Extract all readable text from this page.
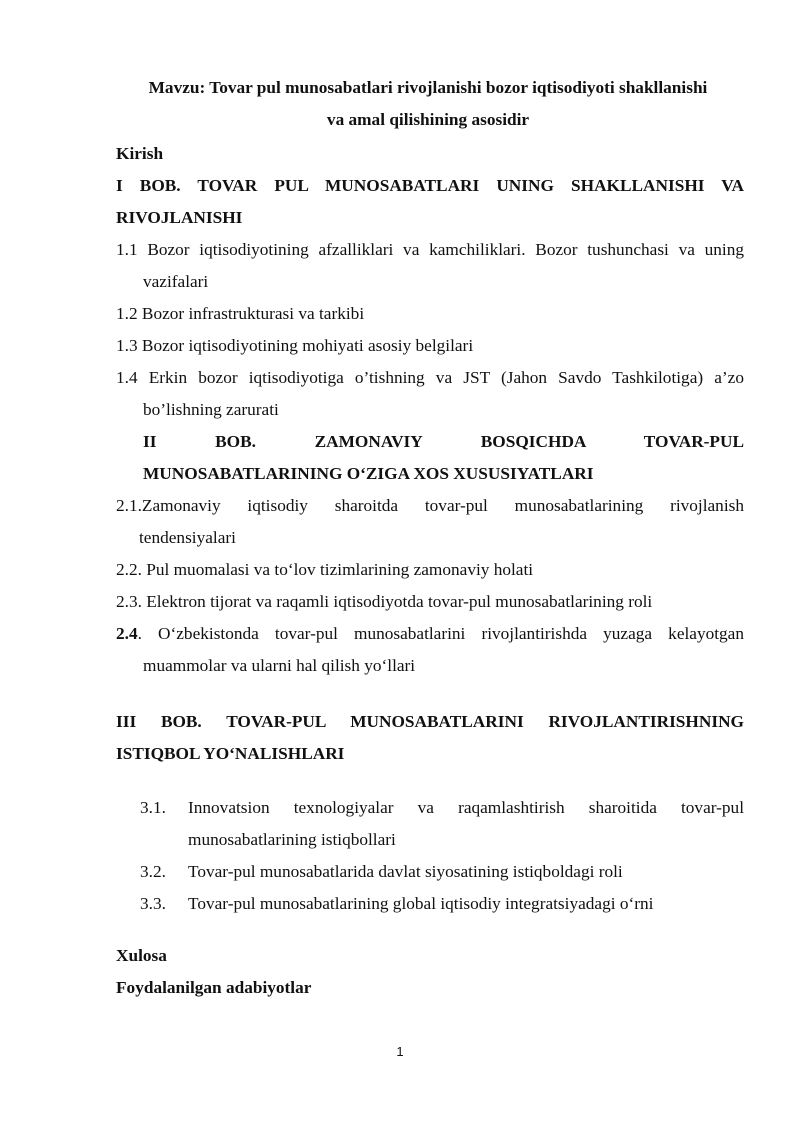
Mavzu: Tovar pul munosabatlari rivojlanishi bozor iqtisodiyoti shakllanishi
va amal qilishining asosidir
Kirish
I BOB. TOVAR PUL MUNOSABATLARI UNING SHAKLLANISHI VA
RIVOJLANISHI
1.1 Bozor iqtisodiyotining afzalliklari va kamchiliklari. Bozor tushunchasi va uning
vazifalari
1.2 Bozor infrastrukturasi va tarkibi
1.3 Bozor iqtisodiyotining mohiyati asosiy belgilari
1.4 Erkin bozor iqtisodiyotiga o’tishning va JST (Jahon Savdo Tashkilotiga) a’zo
bo’lishning zarurati
II BOB. ZAMONAVIY BOSQICHDA TOVAR-PUL
MUNOSABATLARINING O‘ZIGA XOS XUSUSIYATLARI
2.1.Zamonaviy iqtisodiy sharoitda tovar-pul munosabatlarining rivojlanish
tendensiyalari
2.2. Pul muomalasi va to‘lov tizimlarining zamonaviy holati
2.3. Elektron tijorat va raqamli iqtisodiyotda tovar-pul munosabatlarining roli
2.4 . O‘zbekistonda tovar-pul munosabatlarini rivojlantirishda yuzaga kelayotgan
muammolar va ularni hal qilish yo‘llari
III BOB. TOVAR-PUL MUNOSABATLARINI RIVOJLANTIRISHNING
ISTIQBOL YO‘NALISHLARI
3.1. Innovatsion texnologiyalar va raqamlashtirish sharoitida tovar-pul
munosabatlarining istiqbollari
3.2. Tovar-pul munosabatlarida davlat siyosatining istiqboldagi roli
3.3. Tovar-pul munosabatlarining global iqtisodiy integratsiyadagi o‘rni
Xulosa
Foydalanilgan adabiyotlar
1
